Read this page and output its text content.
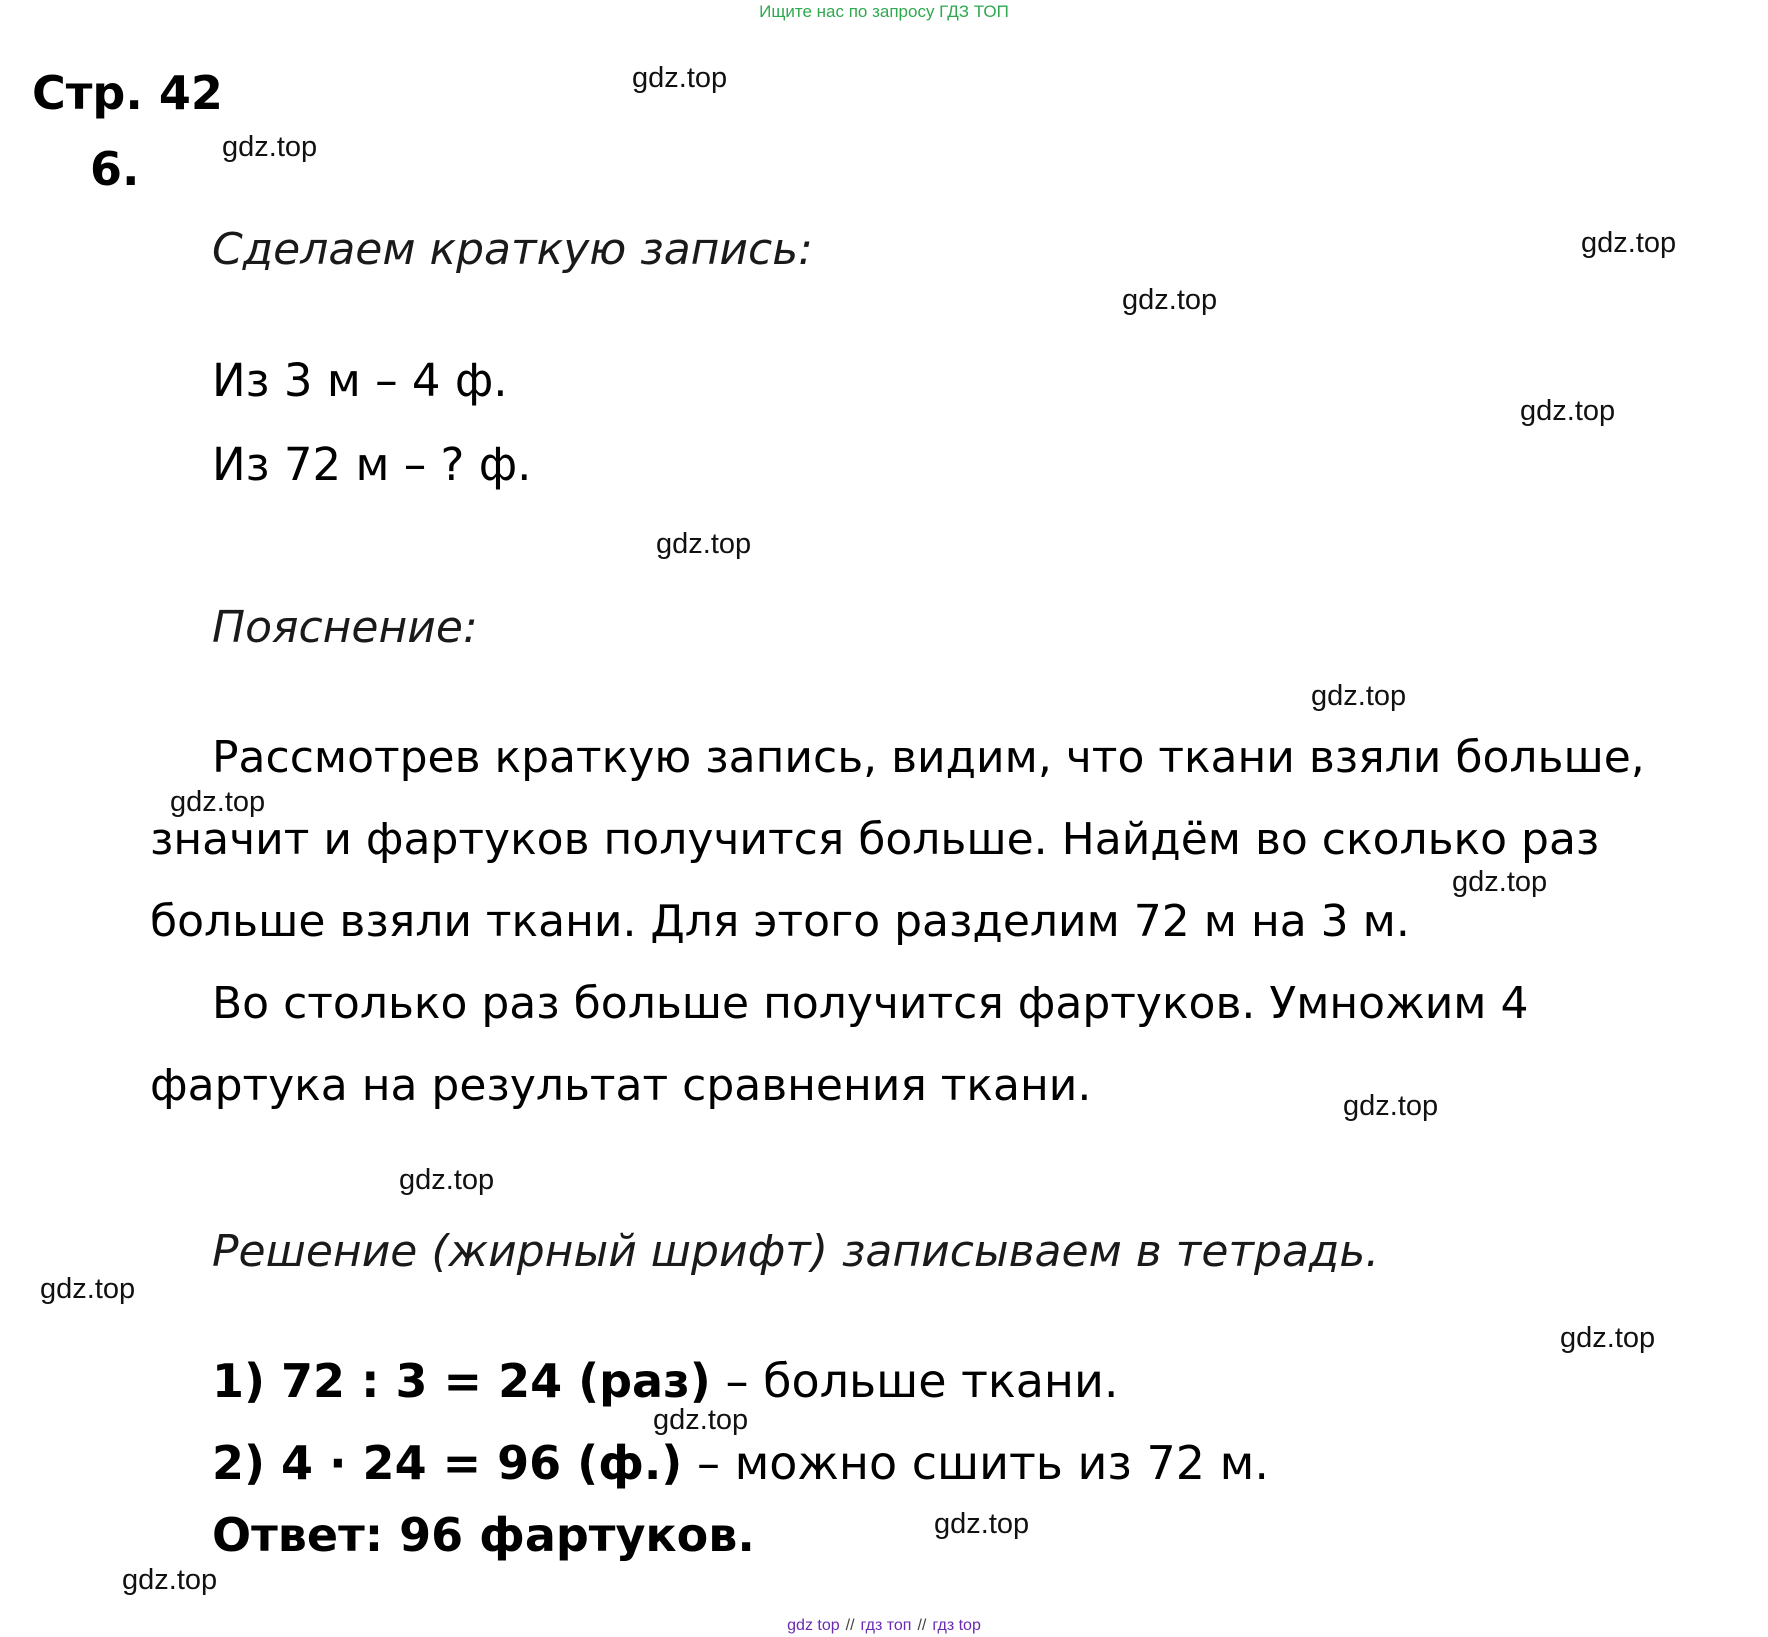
Ищите нас по запросу ГДЗ ТОП
Стр. 42
6.
Сделаем краткую запись:
Из 3 м – 4 ф.
Из 72 м – ? ф.
Пояснение:
Рассмотрев краткую запись, видим, что ткани взяли больше,
значит и фартуков получится больше. Найдём во сколько раз
больше взяли ткани. Для этого разделим 72 м на 3 м.
Во столько раз больше получится фартуков. Умножим 4
фартука на результат сравнения ткани.
Решение (жирный шрифт) записываем в тетрадь.
1) 72 : 3 = 24 (раз) – больше ткани.
2) 4 · 24 = 96 (ф.) – можно сшить из 72 м.
Ответ: 96 фартуков.
gdz.top
gdz.top
gdz.top
gdz.top
gdz.top
gdz.top
gdz.top
gdz.top
gdz.top
gdz.top
gdz.top
gdz.top
gdz.top
gdz.top
gdz.top
gdz.top
gdz top // гдз топ // гдз top
